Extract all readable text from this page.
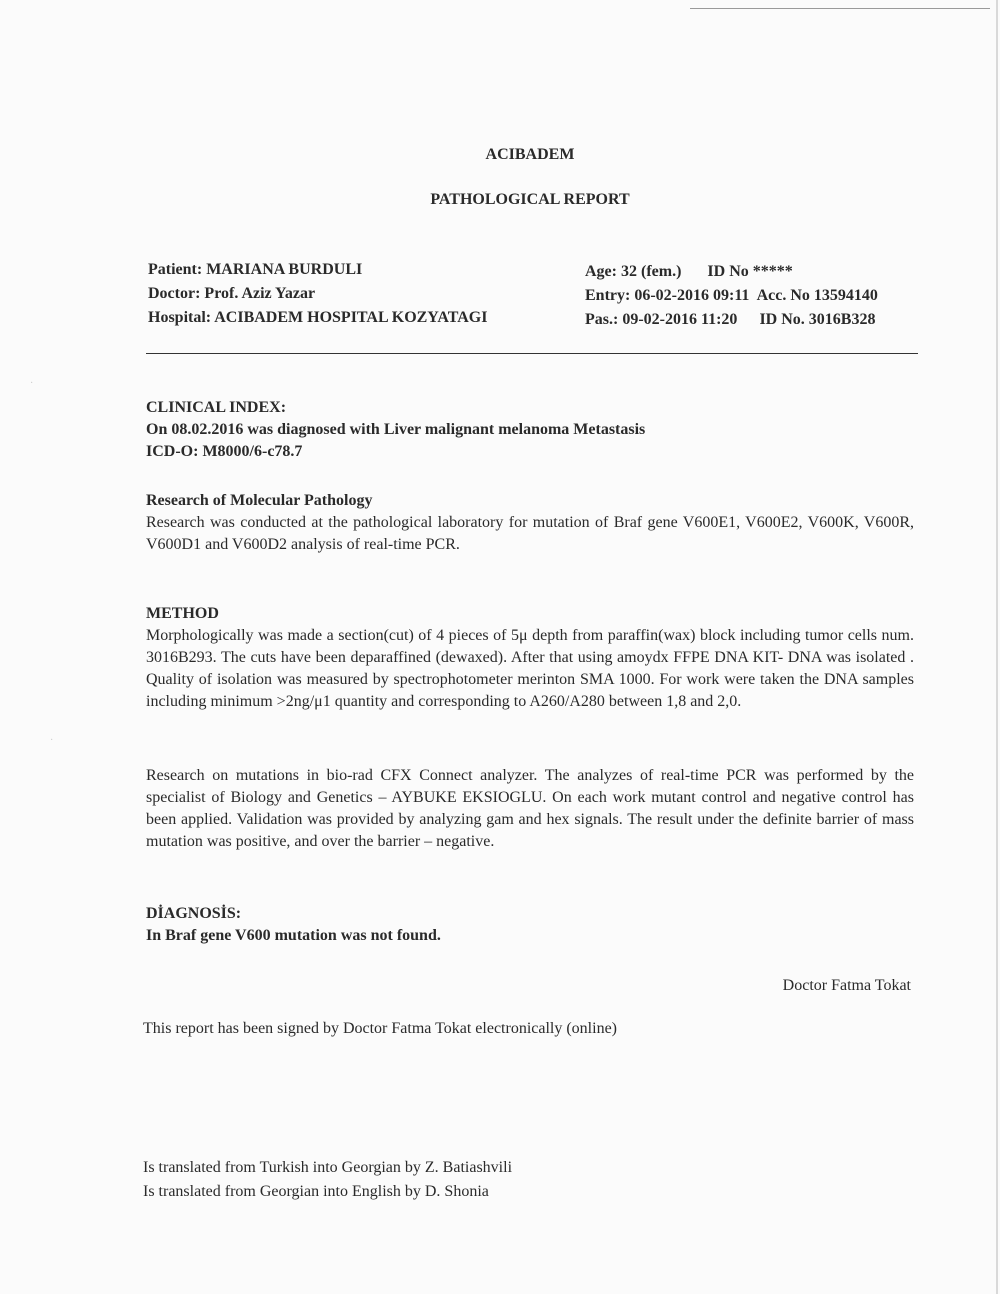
ACIBADEM
PATHOLOGICAL REPORT
Patient: MARIANA BURDULI
Doctor: Prof. Aziz Yazar
Hospital: ACIBADEM HOSPITAL KOZYATAGI
Age: 32 (fem.) ID No *****
Entry: 06-02-2016 09:11 Acc. No 13594140
Pas.: 09-02-2016 11:20 ID No. 3016B328
CLINICAL INDEX:
On 08.02.2016 was diagnosed with Liver malignant melanoma Metastasis
ICD-O: M8000/6-c78.7
Research of Molecular Pathology
Research was conducted at the pathological laboratory for mutation of Braf gene V600E1, V600E2, V600K, V600R, V600D1 and V600D2 analysis of real-time PCR.
METHOD
Morphologically was made a section(cut) of 4 pieces of 5μ depth from paraffin(wax) block including tumor cells num. 3016B293. The cuts have been deparaffined (dewaxed). After that using amoydx FFPE DNA KIT- DNA was isolated . Quality of isolation was measured by spectrophotometer merinton SMA 1000. For work were taken the DNA samples including minimum >2ng/μ1 quantity and corresponding to A260/A280 between 1,8 and 2,0.
Research on mutations in bio-rad CFX Connect analyzer. The analyzes of real-time PCR was performed by the specialist of Biology and Genetics – AYBUKE EKSIOGLU. On each work mutant control and negative control has been applied. Validation was provided by analyzing gam and hex signals. The result under the definite barrier of mass mutation was positive, and over the barrier – negative.
DİAGNOSİS:
In Braf gene V600 mutation was not found.
Doctor Fatma Tokat
This report has been signed by Doctor Fatma Tokat electronically (online)
Is translated from Turkish into Georgian by Z. Batiashvili
Is translated from Georgian into English by D. Shonia
·
·
